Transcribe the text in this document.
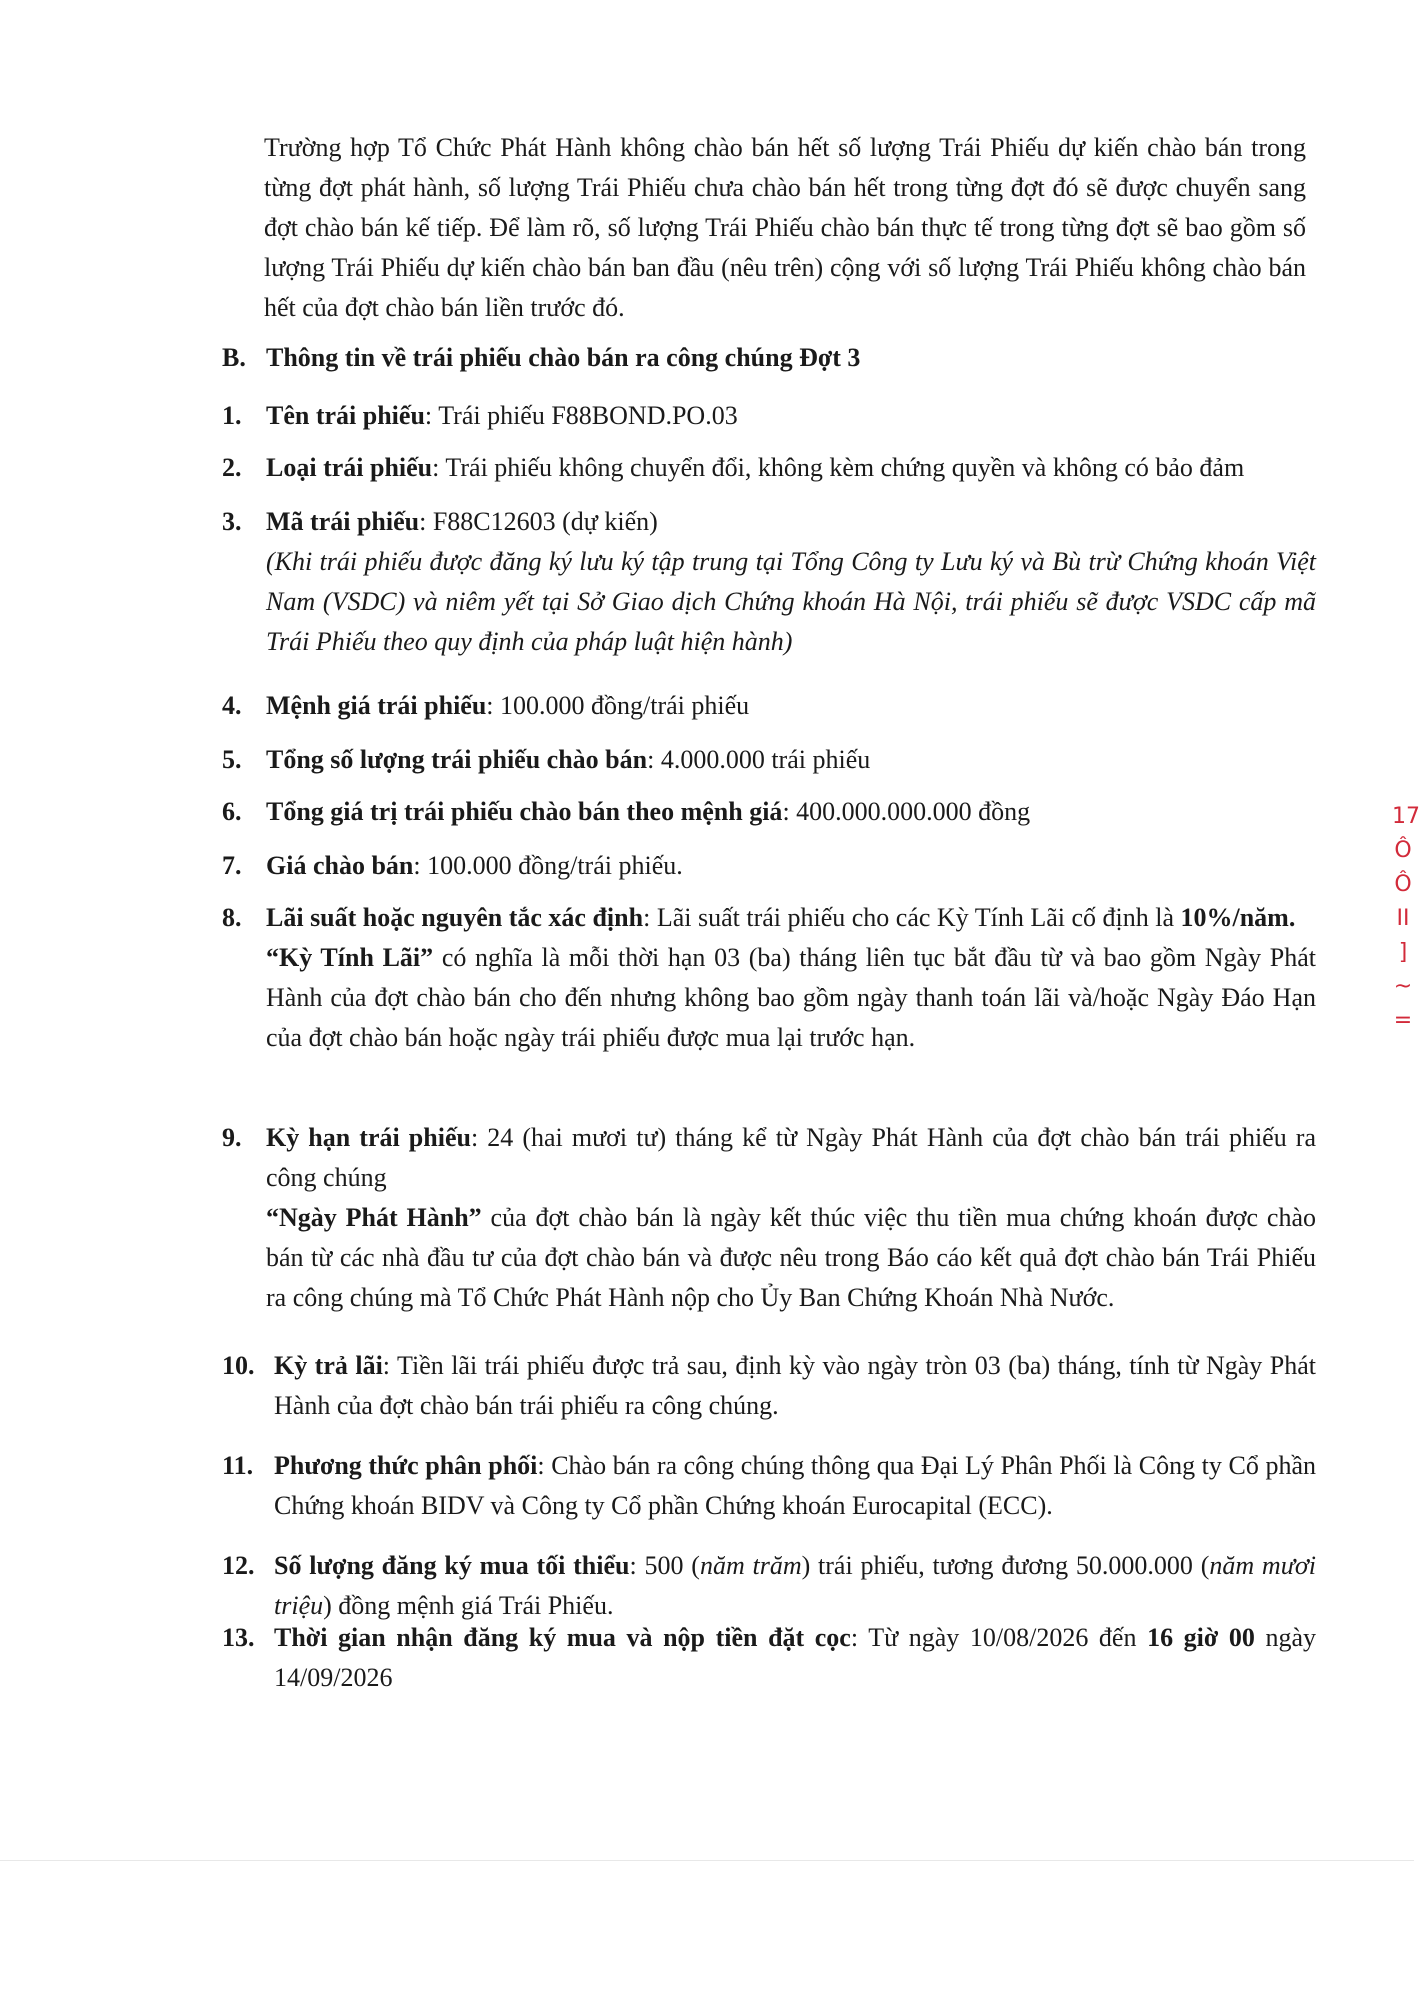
Trường hợp Tổ Chức Phát Hành không chào bán hết số lượng Trái Phiếu dự kiến chào bán trong từng đợt phát hành, số lượng Trái Phiếu chưa chào bán hết trong từng đợt đó sẽ được chuyển sang đợt chào bán kế tiếp. Để làm rõ, số lượng Trái Phiếu chào bán thực tế trong từng đợt sẽ bao gồm số lượng Trái Phiếu dự kiến chào bán ban đầu (nêu trên) cộng với số lượng Trái Phiếu không chào bán hết của đợt chào bán liền trước đó.

B. Thông tin về trái phiếu chào bán ra công chúng Đợt 3
1. Tên trái phiếu: Trái phiếu F88BOND.PO.03
2. Loại trái phiếu: Trái phiếu không chuyển đổi, không kèm chứng quyền và không có bảo đảm
3. Mã trái phiếu: F88C12603 (dự kiến)

(Khi trái phiếu được đăng ký lưu ký tập trung tại Tổng Công ty Lưu ký và Bù trừ Chứng khoán Việt Nam (VSDC) và niêm yết tại Sở Giao dịch Chứng khoán Hà Nội, trái phiếu sẽ được VSDC cấp mã Trái Phiếu theo quy định của pháp luật hiện hành)

4. Mệnh giá trái phiếu: 100.000 đồng/trái phiếu
5. Tổng số lượng trái phiếu chào bán: 4.000.000 trái phiếu
6. Tổng giá trị trái phiếu chào bán theo mệnh giá: 400.000.000.000 đồng
7. Giá chào bán: 100.000 đồng/trái phiếu.
8. Lãi suất hoặc nguyên tắc xác định: Lãi suất trái phiếu cho các Kỳ Tính Lãi cố định là 10%/năm.

“Kỳ Tính Lãi” có nghĩa là mỗi thời hạn 03 (ba) tháng liên tục bắt đầu từ và bao gồm Ngày Phát Hành của đợt chào bán cho đến nhưng không bao gồm ngày thanh toán lãi và/hoặc Ngày Đáo Hạn của đợt chào bán hoặc ngày trái phiếu được mua lại trước hạn.

9. Kỳ hạn trái phiếu: 24 (hai mươi tư) tháng kể từ Ngày Phát Hành của đợt chào bán trái phiếu ra công chúng

“Ngày Phát Hành” của đợt chào bán là ngày kết thúc việc thu tiền mua chứng khoán được chào bán từ các nhà đầu tư của đợt chào bán và được nêu trong Báo cáo kết quả đợt chào bán Trái Phiếu ra công chúng mà Tổ Chức Phát Hành nộp cho Ủy Ban Chứng Khoán Nhà Nước.

10. Kỳ trả lãi: Tiền lãi trái phiếu được trả sau, định kỳ vào ngày tròn 03 (ba) tháng, tính từ Ngày Phát Hành của đợt chào bán trái phiếu ra công chúng.
11. Phương thức phân phối: Chào bán ra công chúng thông qua Đại Lý Phân Phối là Công ty Cổ phần Chứng khoán BIDV và Công ty Cổ phần Chứng khoán Eurocapital (ECC).
12. Số lượng đăng ký mua tối thiểu: 500 (năm trăm) trái phiếu, tương đương 50.000.000 (năm mươi triệu) đồng mệnh giá Trái Phiếu.
13. Thời gian nhận đăng ký mua và nộp tiền đặt cọc: Từ ngày 10/08/2026 đến 16 giờ 00 ngày 14/09/2026
17
Ô
Ô
II
]
~
=
